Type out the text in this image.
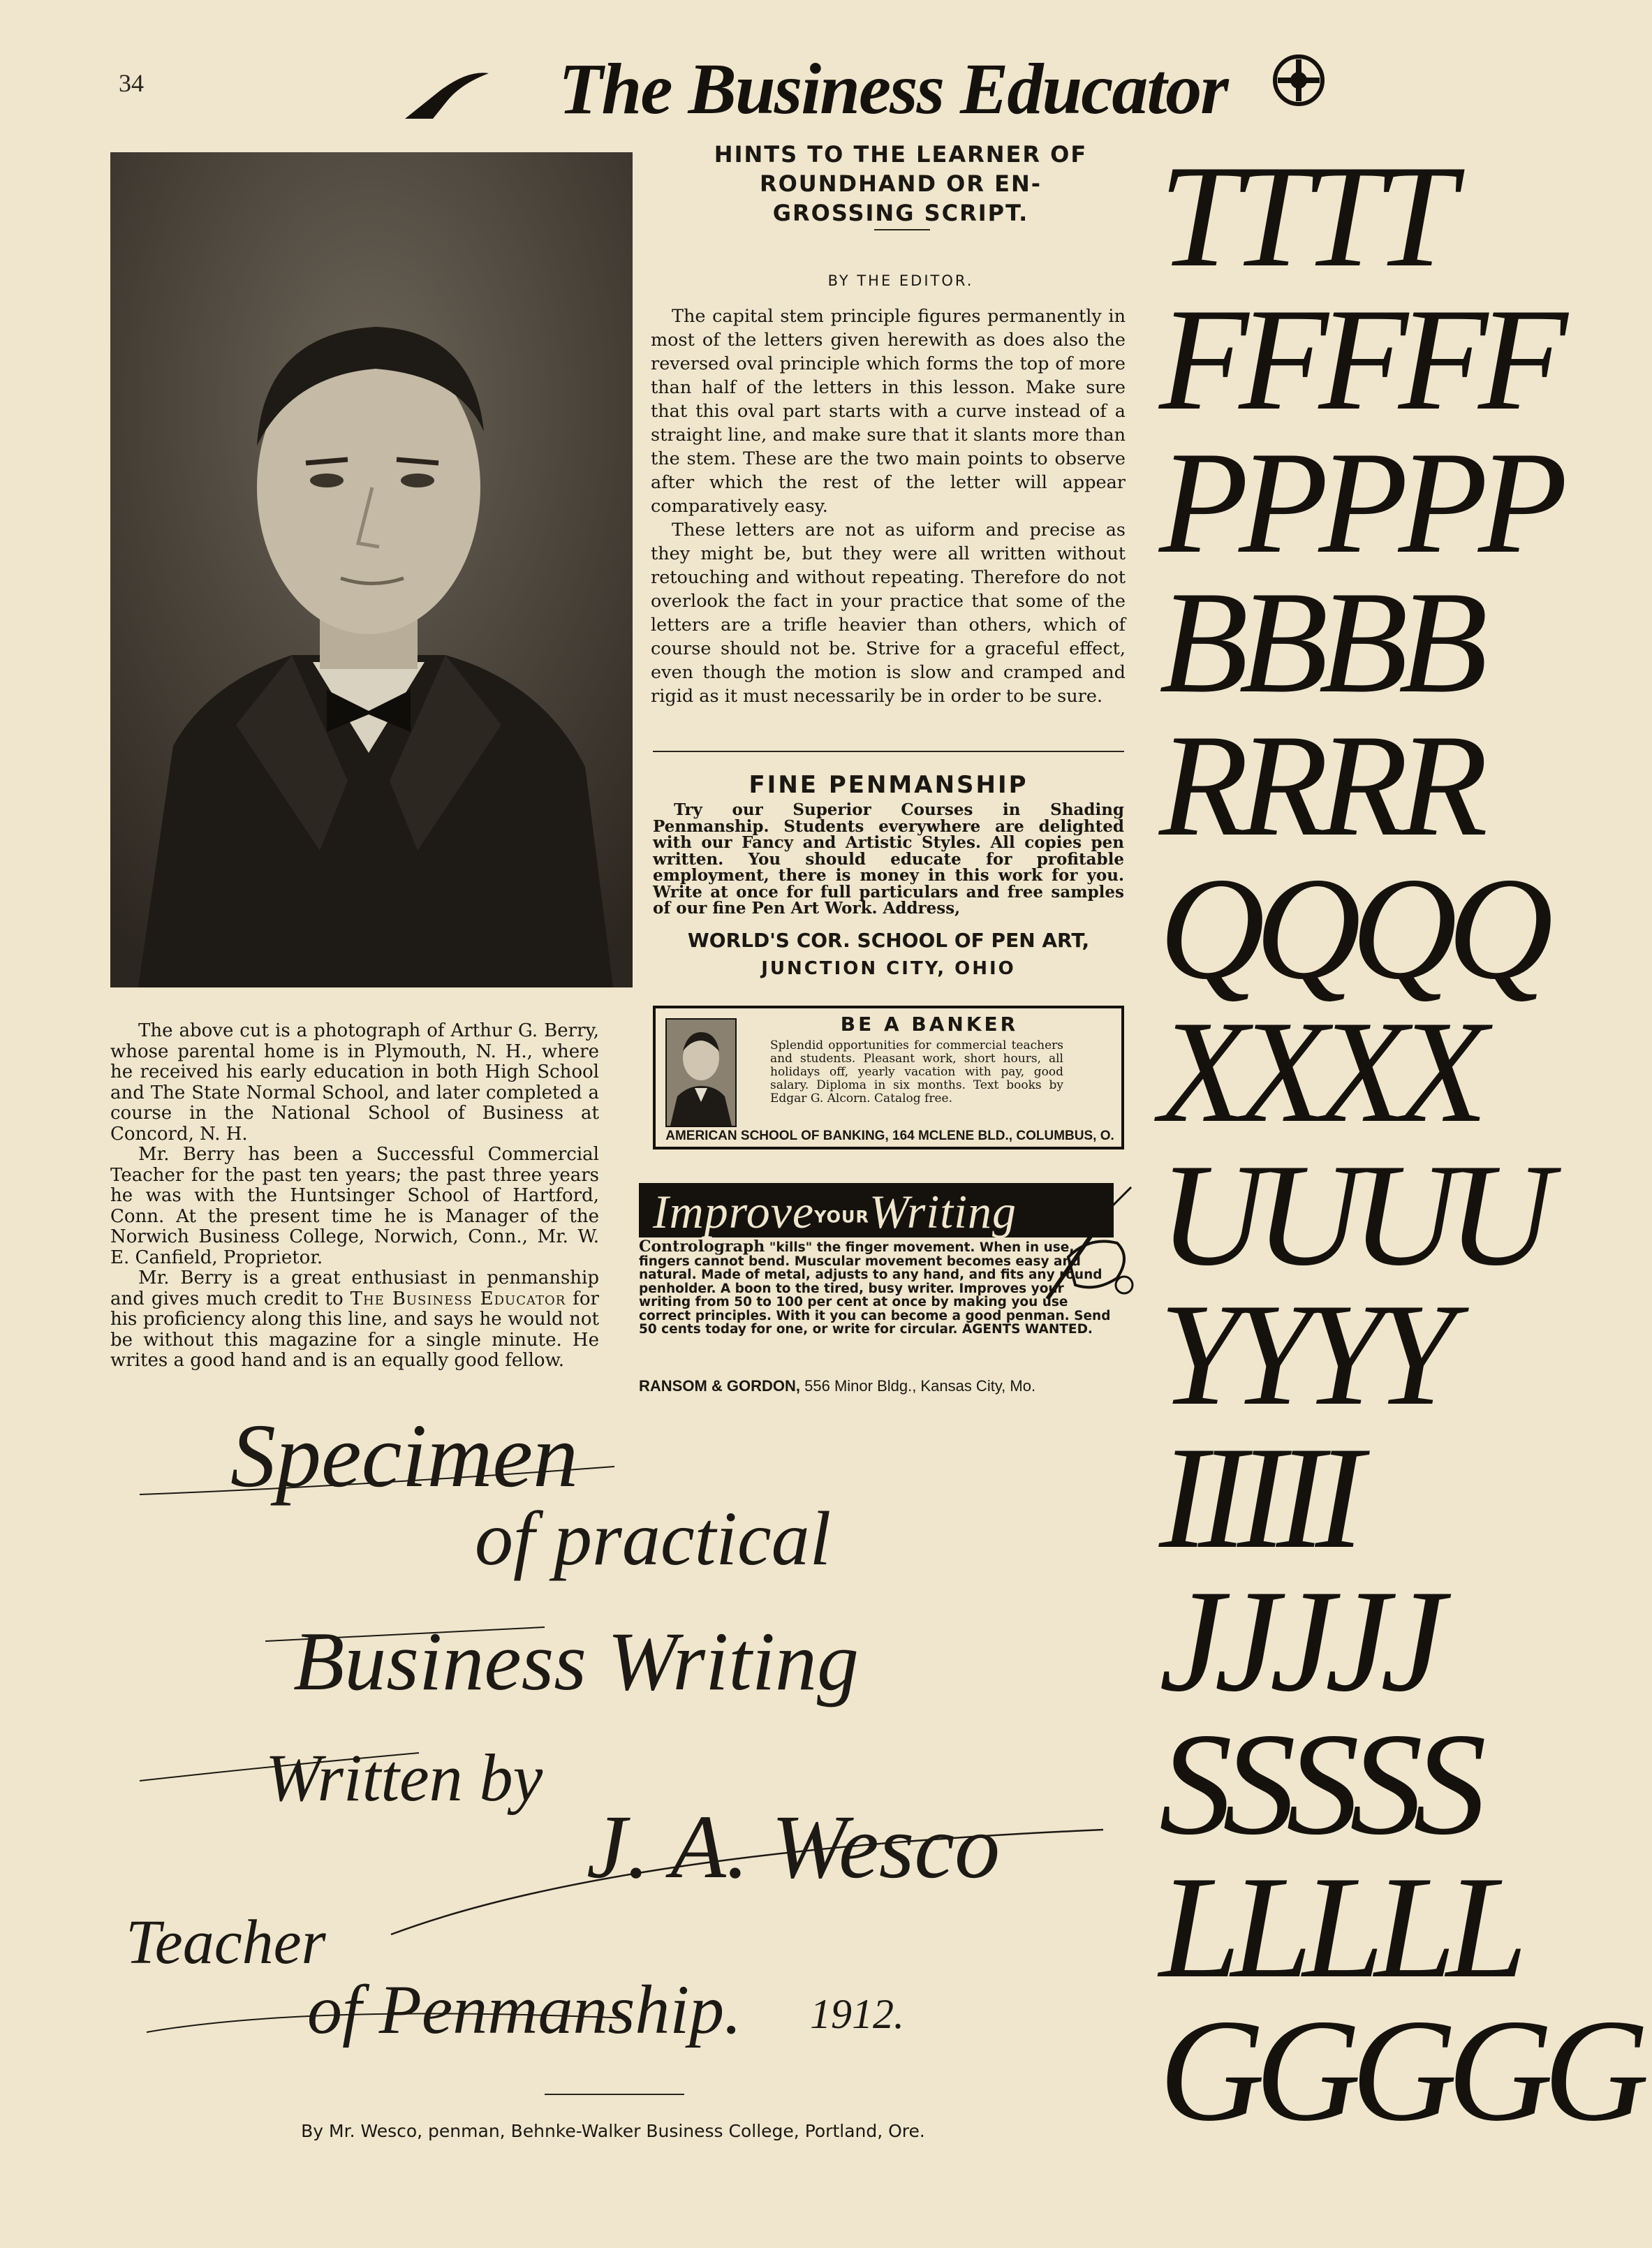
34	The Business Educator

The above cut is a photograph of Arthur G. Berry, whose parental home is in Plymouth, N. H., where he received his early education in both High School and The State Normal School, and later completed a course in the National School of Business at Concord, N. H.

Mr. Berry has been a Successful Commercial Teacher for the past ten years; the past three years he was with the Huntsinger School of Hartford, Conn. At the present time he is Manager of the Norwich Business College, Norwich, Conn., Mr. W. E. Canfield, Proprietor.

Mr. Berry is a great enthusiast in penmanship and gives much credit to The Business Educator for his proficiency along this line, and says he would not be without this magazine for a single minute. He writes a good hand and is an equally good fellow.

HINTS TO THE LEARNER OF
ROUNDHAND OR EN-
GROSSING SCRIPT.
BY THE EDITOR.

The capital stem principle figures permanently in most of the letters given herewith as does also the reversed oval principle which forms the top of more than half of the letters in this lesson. Make sure that this oval part starts with a curve instead of a straight line, and make sure that it slants more than the stem. These are the two main points to observe after which the rest of the letter will appear comparatively easy.

These letters are not as uiform and precise as they might be, but they were all written without retouching and without repeating. Therefore do not overlook the fact in your practice that some of the letters are a trifle heavier than others, which of course should not be. Strive for a graceful effect, even though the motion is slow and cramped and rigid as it must necessarily be in order to be sure.

FINE PENMANSHIP

Try our Superior Courses in Shading Penmanship. Students everywhere are delighted with our Fancy and Artistic Styles. All copies pen written. You should educate for profitable employment, there is money in this work for you. Write at once for full particulars and free samples of our fine Pen Art Work. Address,

WORLD'S COR. SCHOOL OF PEN ART,
JUNCTION CITY, OHIO
BE A BANKER
Splendid opportunities for commercial teachers and students. Pleasant work, short hours, all holidays off, yearly vacation with pay, good salary. Diploma in six months. Text books by Edgar G. Alcorn. Catalog free.
AMERICAN SCHOOL OF BANKING, 164 MCLENE BLD., COLUMBUS, O.
ImproveYOURWriting

Controlograph "kills" the finger movement. When in use, fingers cannot bend. Muscular movement becomes easy and natural. Made of metal, adjusts to any hand, and fits any round penholder. A boon to the tired, busy writer. Improves your writing from 50 to 100 per cent at once by making you use correct principles. With it you can become a good penman. Send 50 cents today for one, or write for circular. AGENTS WANTED.

RANSOM & GORDON, 556 Minor Bldg., Kansas City, Mo.
Specimen
of practical
Business Writing
Written by
J. A. Wesco
Teacher
of Penmanship. 1912.
By Mr. Wesco, penman, Behnke-Walker Business College, Portland, Ore.
TTTT
FFFFF
PPPPP
BBBB
RRRR
QQQQ
XXXX
UUUU
YYYY
IIIII
JJJJJ
SSSSS
LLLLL
GGGGG
